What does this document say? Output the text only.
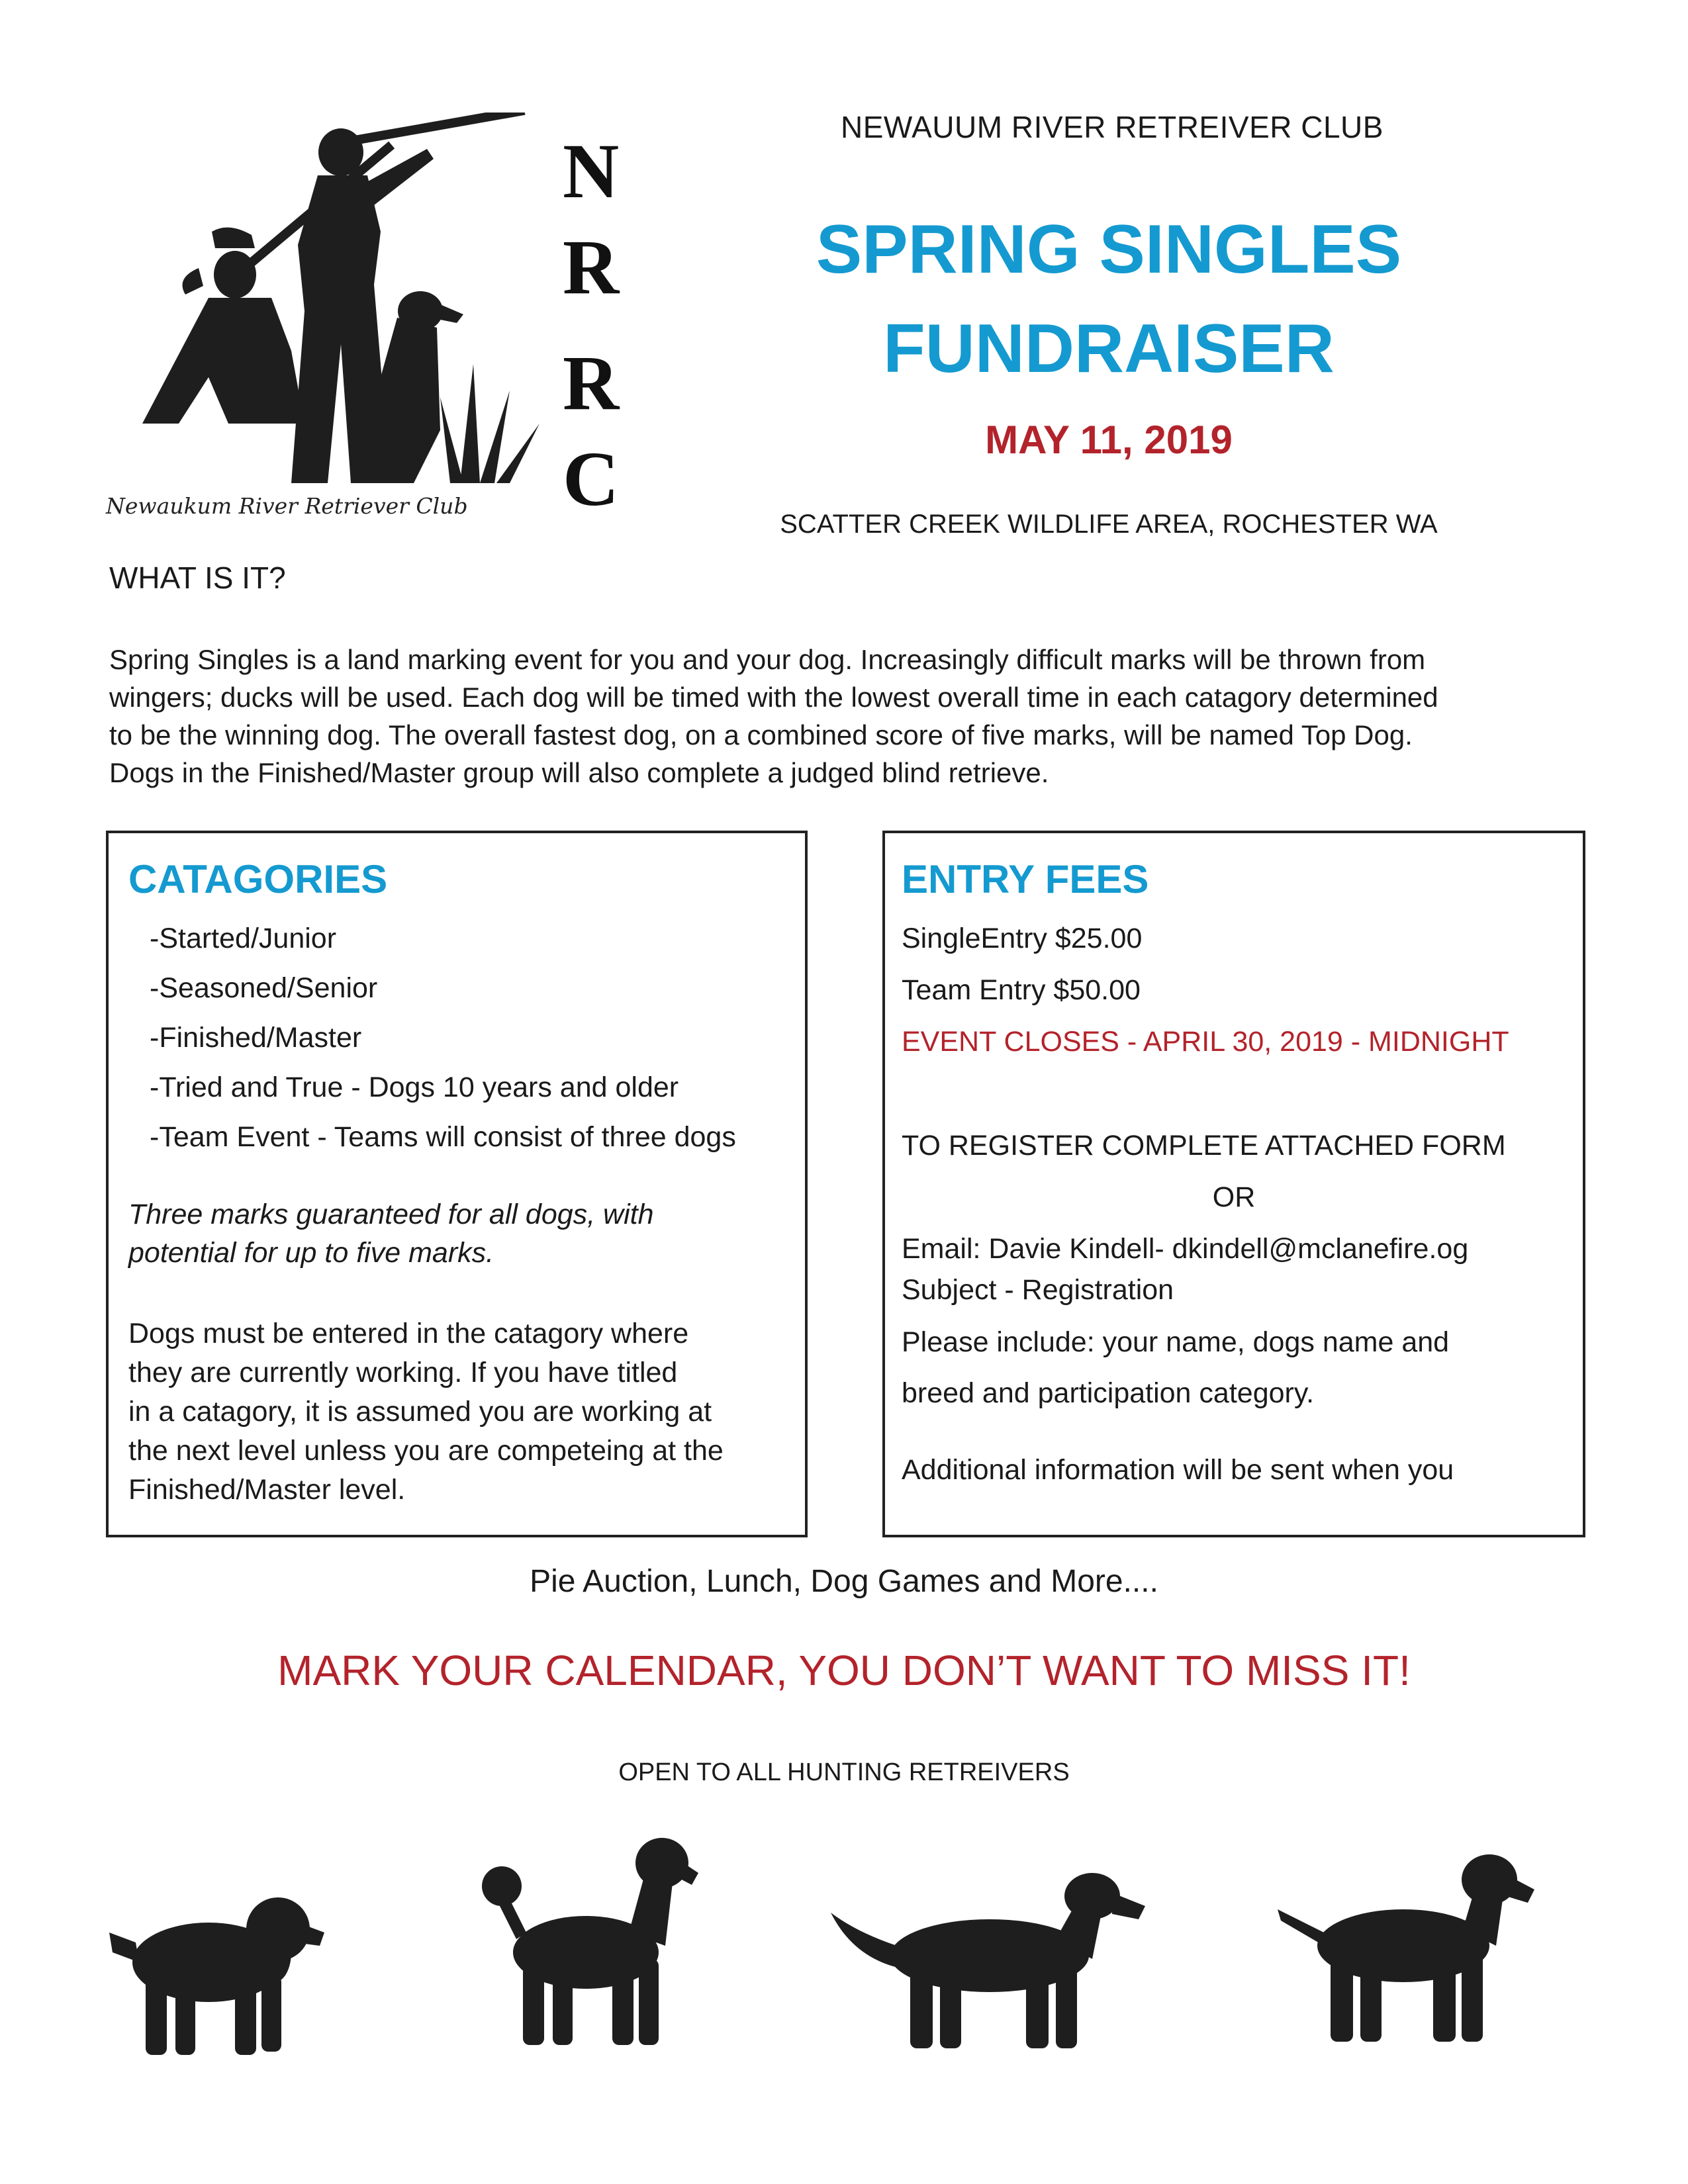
N
R
R
C
Newaukum River Retriever Club
NEWAUUM RIVER RETREIVER CLUB
SPRING SINGLES
FUNDRAISER
MAY 11, 2019
SCATTER CREEK WILDLIFE AREA, ROCHESTER WA
WHAT IS IT?
Spring Singles is a land marking event for you and your dog. Increasingly difficult marks will be thrown from
wingers; ducks will be used. Each dog will be timed with the lowest overall time in each catagory determined
to be the winning dog. The overall fastest dog, on a combined score of five marks, will be named Top Dog.
Dogs in the Finished/Master group will also complete a judged blind retrieve.
CATAGORIES
-Started/Junior
-Seasoned/Senior
-Finished/Master
-Tried and True - Dogs 10 years and older
-Team Event - Teams will consist of three dogs
Three marks guaranteed for all dogs, with
potential for up to five marks.
Dogs must be entered in the catagory where
they are currently working. If you have titled
in a catagory, it is assumed you are working at
the next level unless you are competeing at the
Finished/Master level.
ENTRY FEES
SingleEntry $25.00
Team Entry $50.00
EVENT CLOSES - APRIL 30, 2019 - MIDNIGHT
TO REGISTER COMPLETE ATTACHED FORM
OR
Email: Davie Kindell- dkindell@mclanefire.og
Subject - Registration
Please include: your name, dogs name and
breed and participation category.
Additional information will be sent when you
Pie Auction, Lunch, Dog Games and More....
MARK YOUR CALENDAR, YOU DON’T WANT TO MISS IT!
OPEN TO ALL HUNTING RETREIVERS
